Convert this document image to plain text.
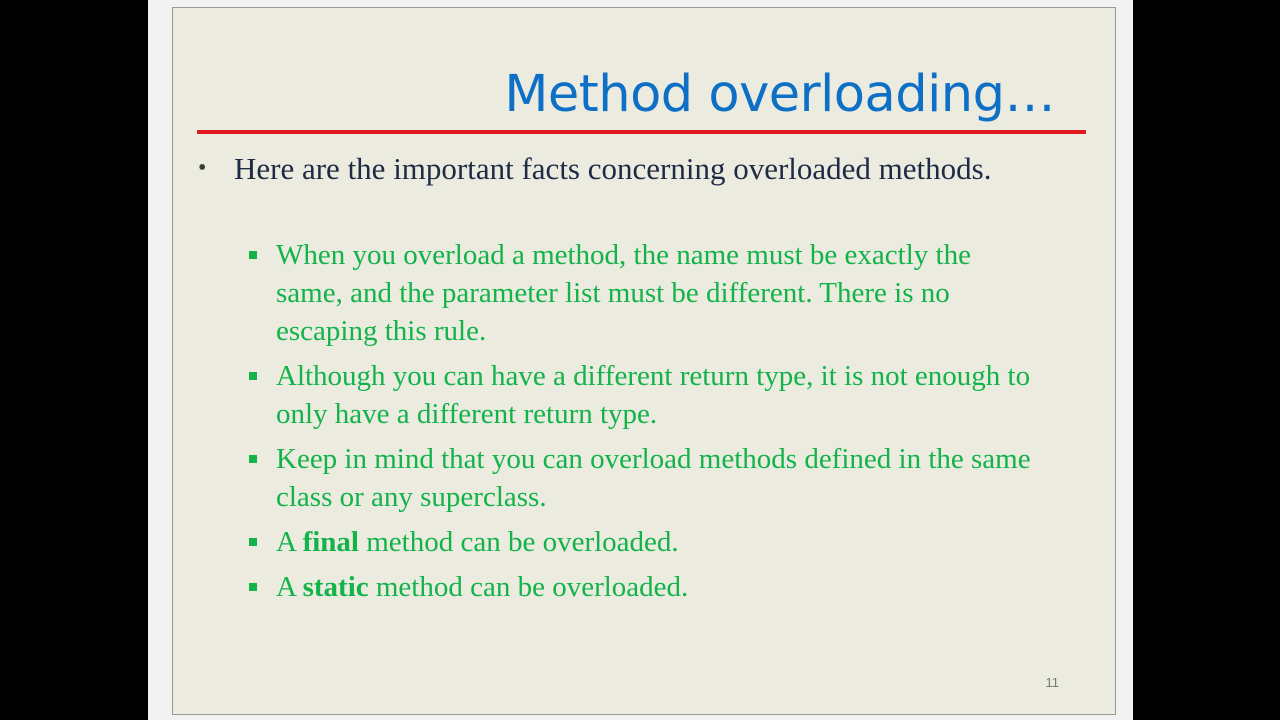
Method overloading…
• Here are the important facts concerning overloaded methods.
When you overload a method, the name must be exactly the same, and the parameter list must be different. There is no escaping this rule.
Although you can have a different return type, it is not enough to only have a different return type.
Keep in mind that you can overload methods defined in the same class or any superclass.
A final method can be overloaded.
A static method can be overloaded.
11
